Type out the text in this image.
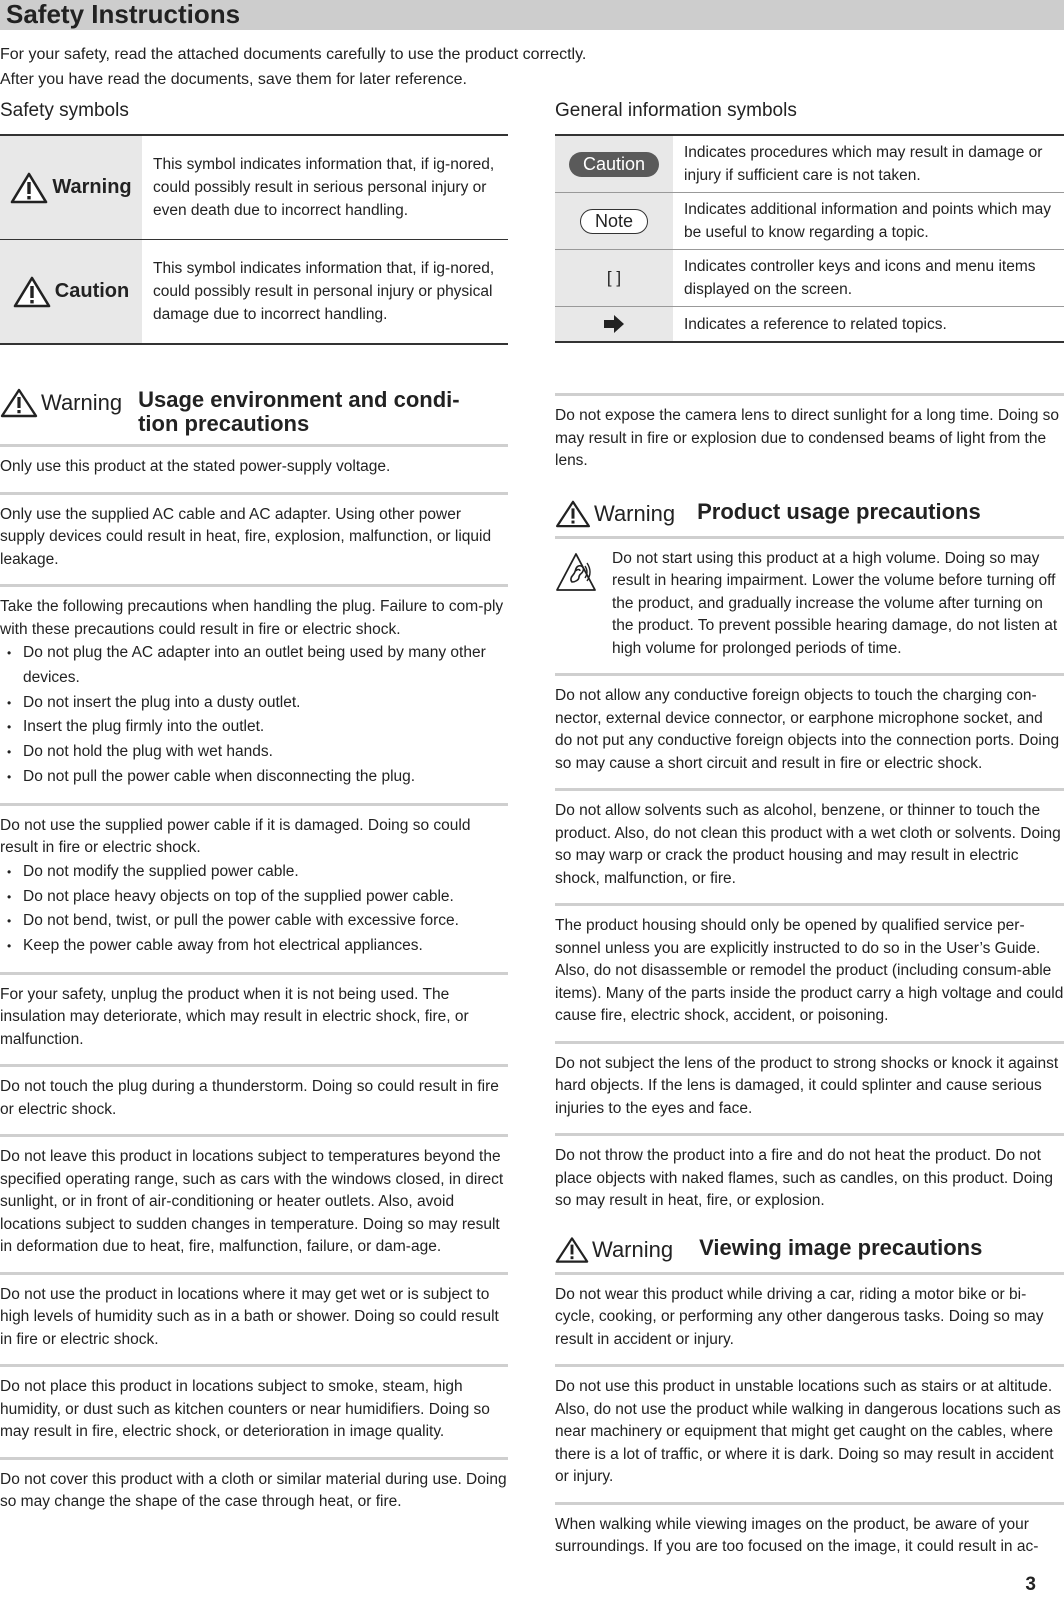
Safety Instructions

For your safety, read the attached documents carefully to use the product correctly.

After you have read the documents, save them for later reference.

Safety symbols
Warning
This symbol indicates information that, if ig-nored, could possibly result in serious personal injury or even death due to incorrect handling.
Caution
This symbol indicates information that, if ig-nored, could possibly result in personal injury or physical damage due to incorrect handling.
General information symbols
Caution
Indicates procedures which may result in damage or injury if sufficient care is not taken.
Note
Indicates additional information and points which may be useful to know regarding a topic.
[ ]
Indicates controller keys and icons and menu items displayed on the screen.
Indicates a reference to related topics.
Warning Usage environment and condi-tion precautions

Only use this product at the stated power-supply voltage.

Only use the supplied AC cable and AC adapter. Using other power supply devices could result in heat, fire, explosion, malfunction, or liquid leakage.

Take the following precautions when handling the plug. Failure to com-ply with these precautions could result in fire or electric shock.

• Do not plug the AC adapter into an outlet being used by many other devices.
• Do not insert the plug into a dusty outlet.
• Insert the plug firmly into the outlet.
• Do not hold the plug with wet hands.
• Do not pull the power cable when disconnecting the plug.

Do not use the supplied power cable if it is damaged. Doing so could result in fire or electric shock.

• Do not modify the supplied power cable.
• Do not place heavy objects on top of the supplied power cable.
• Do not bend, twist, or pull the power cable with excessive force.
• Keep the power cable away from hot electrical appliances.

For your safety, unplug the product when it is not being used. The insulation may deteriorate, which may result in electric shock, fire, or malfunction.

Do not touch the plug during a thunderstorm. Doing so could result in fire or electric shock.

Do not leave this product in locations subject to temperatures beyond the specified operating range, such as cars with the windows closed, in direct sunlight, or in front of air-conditioning or heater outlets. Also, avoid locations subject to sudden changes in temperature. Doing so may result in deformation due to heat, fire, malfunction, failure, or dam-age.

Do not use the product in locations where it may get wet or is subject to high levels of humidity such as in a bath or shower. Doing so could result in fire or electric shock.

Do not place this product in locations subject to smoke, steam, high humidity, or dust such as kitchen counters or near humidifiers. Doing so may result in fire, electric shock, or deterioration in image quality.

Do not cover this product with a cloth or similar material during use. Doing so may change the shape of the case through heat, or fire.

Do not expose the camera lens to direct sunlight for a long time. Doing so may result in fire or explosion due to condensed beams of light from the lens.

Warning Product usage precautions

Do not start using this product at a high volume. Doing so may result in hearing impairment. Lower the volume before turning off the product, and gradually increase the volume after turning on the product. To prevent possible hearing damage, do not listen at high volume for prolonged periods of time.

Do not allow any conductive foreign objects to touch the charging con-nector, external device connector, or earphone microphone socket, and do not put any conductive foreign objects into the connection ports. Doing so may cause a short circuit and result in fire or electric shock.

Do not allow solvents such as alcohol, benzene, or thinner to touch the product. Also, do not clean this product with a wet cloth or solvents. Doing so may warp or crack the product housing and may result in electric shock, malfunction, or fire.

The product housing should only be opened by qualified service per-sonnel unless you are explicitly instructed to do so in the User’s Guide. Also, do not disassemble or remodel the product (including consum-able items). Many of the parts inside the product carry a high voltage and could cause fire, electric shock, accident, or poisoning.

Do not subject the lens of the product to strong shocks or knock it against hard objects. If the lens is damaged, it could splinter and cause serious injuries to the eyes and face.

Do not throw the product into a fire and do not heat the product. Do not place objects with naked flames, such as candles, on this product. Doing so may result in heat, fire, or explosion.

Warning Viewing image precautions

Do not wear this product while driving a car, riding a motor bike or bi-cycle, cooking, or performing any other dangerous tasks. Doing so may result in accident or injury.

Do not use this product in unstable locations such as stairs or at altitude. Also, do not use the product while walking in dangerous locations such as near machinery or equipment that might get caught on the cables, where there is a lot of traffic, or where it is dark. Doing so may result in accident or injury.

When walking while viewing images on the product, be aware of your surroundings. If you are too focused on the image, it could result in ac-

3
